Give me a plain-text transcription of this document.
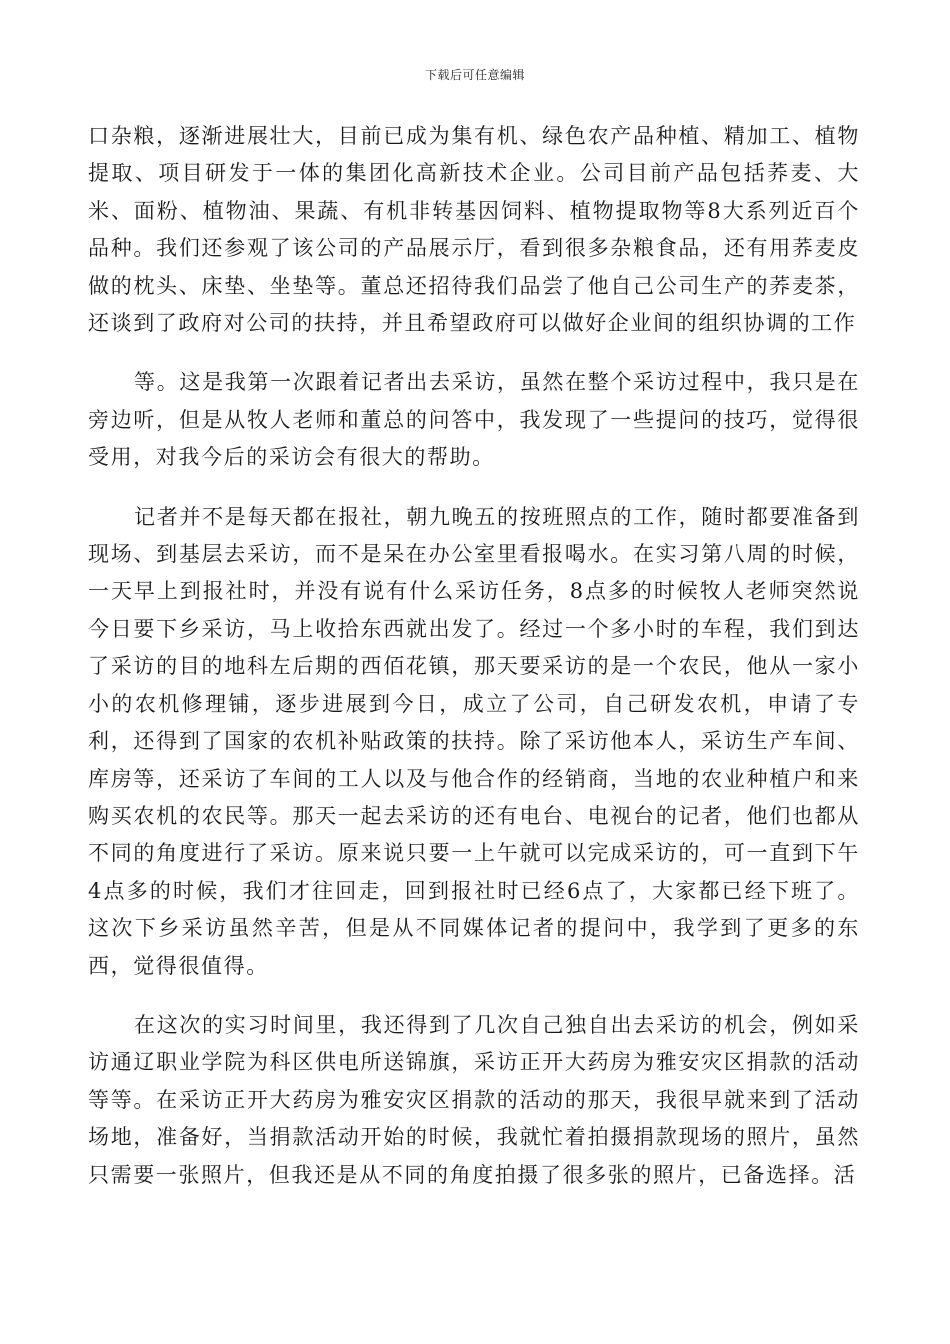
下载后可任意编辑

口杂粮，逐渐进展壮大，目前已成为集有机、绿色农产品种植、精加工、植物提取、项目研发于一体的集团化高新技术企业。公司目前产品包括荞麦、大米、面粉、植物油、果蔬、有机非转基因饲料、植物提取物等8大系列近百个品种。我们还参观了该公司的产品展示厅，看到很多杂粮食品，还有用荞麦皮做的枕头、床垫、坐垫等。董总还招待我们品尝了他自己公司生产的荞麦茶，还谈到了政府对公司的扶持，并且希望政府可以做好企业间的组织协调的工作

等。这是我第一次跟着记者出去采访，虽然在整个采访过程中，我只是在旁边听，但是从牧人老师和董总的问答中，我发现了一些提问的技巧，觉得很受用，对我今后的采访会有很大的帮助。

记者并不是每天都在报社，朝九晚五的按班照点的工作，随时都要准备到现场、到基层去采访，而不是呆在办公室里看报喝水。在实习第八周的时候，一天早上到报社时，并没有说有什么采访任务，8点多的时候牧人老师突然说今日要下乡采访，马上收拾东西就出发了。经过一个多小时的车程，我们到达了采访的目的地科左后期的西佰花镇，那天要采访的是一个农民，他从一家小小的农机修理铺，逐步进展到今日，成立了公司，自己研发农机，申请了专利，还得到了国家的农机补贴政策的扶持。除了采访他本人，采访生产车间、库房等，还采访了车间的工人以及与他合作的经销商，当地的农业种植户和来购买农机的农民等。那天一起去采访的还有电台、电视台的记者，他们也都从不同的角度进行了采访。原来说只要一上午就可以完成采访的，可一直到下午4点多的时候，我们才往回走，回到报社时已经6点了，大家都已经下班了。这次下乡采访虽然辛苦，但是从不同媒体记者的提问中，我学到了更多的东西，觉得很值得。

在这次的实习时间里，我还得到了几次自己独自出去采访的机会，例如采访通辽职业学院为科区供电所送锦旗，采访正开大药房为雅安灾区捐款的活动等等。在采访正开大药房为雅安灾区捐款的活动的那天，我很早就来到了活动场地，准备好，当捐款活动开始的时候，我就忙着拍摄捐款现场的照片，虽然只需要一张照片，但我还是从不同的角度拍摄了很多张的照片，已备选择。活
